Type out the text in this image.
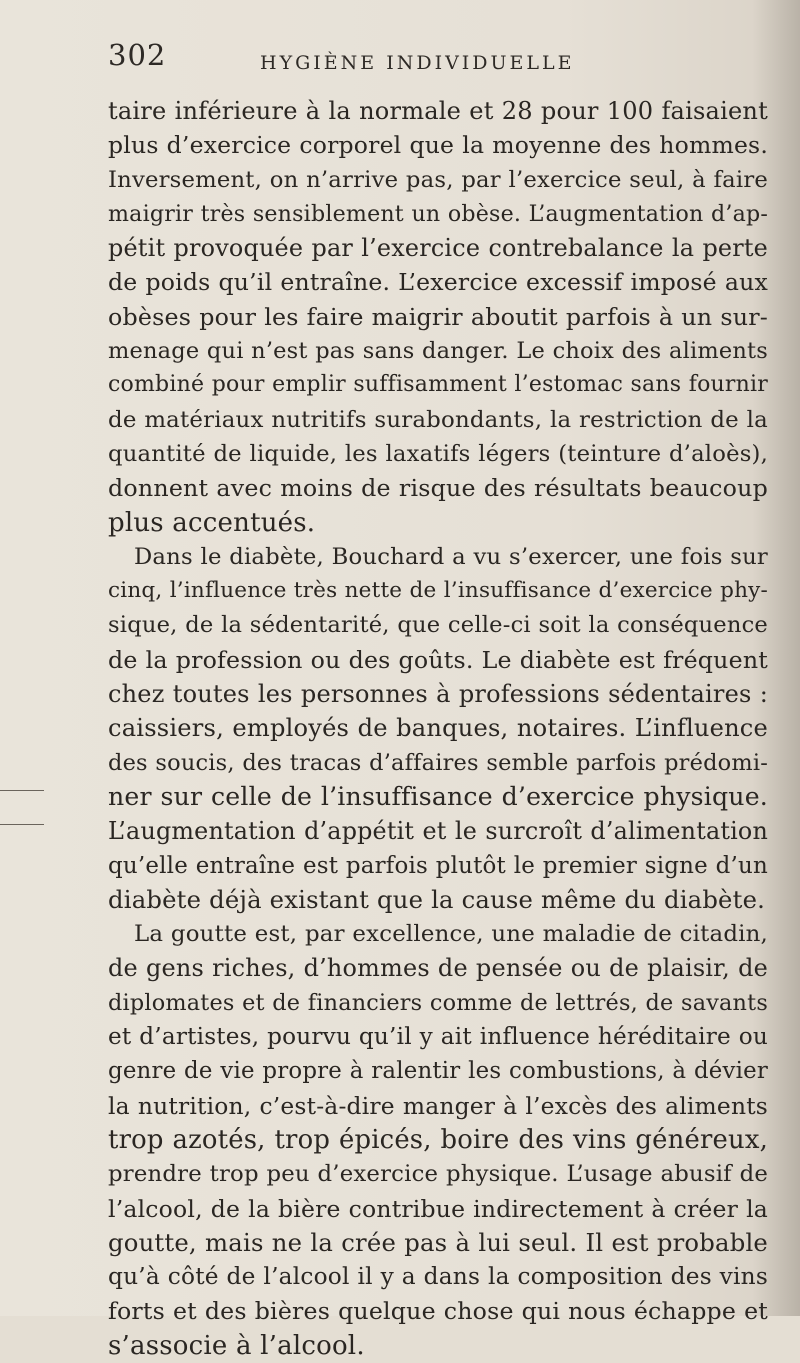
302	HYGIÈNE INDIVIDUELLE
taire inférieure à la normale et 28 pour 100 faisaient
plus d’exercice corporel que la moyenne des hommes.
Inversement, on n’arrive pas, par l’exercice seul, à faire
maigrir très sensiblement un obèse. L’augmentation d’ap-
pétit provoquée par l’exercice contrebalance la perte
de poids qu’il entraîne. L’exercice excessif imposé aux
obèses pour les faire maigrir aboutit parfois à un sur-
menage qui n’est pas sans danger. Le choix des aliments
combiné pour emplir suffisamment l’estomac sans fournir
de matériaux nutritifs surabondants, la restriction de la
quantité de liquide, les laxatifs légers (teinture d’aloès),
donnent avec moins de risque des résultats beaucoup
plus accentués.
Dans le diabète, Bouchard a vu s’exercer, une fois sur
cinq, l’influence très nette de l’insuffisance d’exercice phy-
sique, de la sédentarité, que celle-ci soit la conséquence
de la profession ou des goûts. Le diabète est fréquent
chez toutes les personnes à professions sédentaires :
caissiers, employés de banques, notaires. L’influence
des soucis, des tracas d’affaires semble parfois prédomi-
ner sur celle de l’insuffisance d’exercice physique.
L’augmentation d’appétit et le surcroît d’alimentation
qu’elle entraîne est parfois plutôt le premier signe d’un
diabète déjà existant que la cause même du diabète.
La goutte est, par excellence, une maladie de citadin,
de gens riches, d’hommes de pensée ou de plaisir, de
diplomates et de financiers comme de lettrés, de savants
et d’artistes, pourvu qu’il y ait influence héréditaire ou
genre de vie propre à ralentir les combustions, à dévier
la nutrition, c’est-à-dire manger à l’excès des aliments
trop azotés, trop épicés, boire des vins généreux,
prendre trop peu d’exercice physique. L’usage abusif de
l’alcool, de la bière contribue indirectement à créer la
goutte, mais ne la crée pas à lui seul. Il est probable
qu’à côté de l’alcool il y a dans la composition des vins
forts et des bières quelque chose qui nous échappe et
s’associe à l’alcool.
